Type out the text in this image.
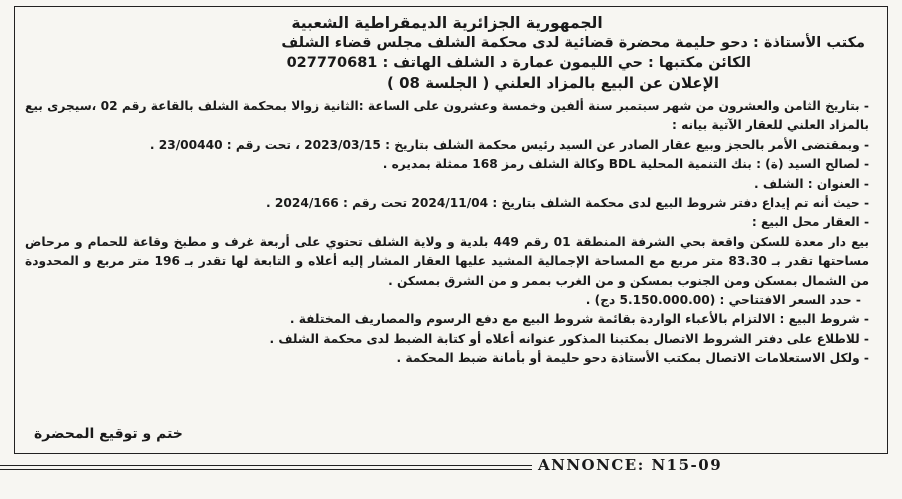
الجمهورية الجزائرية الديمقراطية الشعبية

مكتب الأستاذة : دحو حليمة محضرة قضائية لدى محكمة الشلف مجلس قضاء الشلف

الكائن مكتبها : حي الليمون عمارة د الشلف الهاتف : 027770681

الإعلان عن البيع بالمزاد العلني ( الجلسة 08 )

- بتاريخ الثامن والعشرون من شهر سبتمبر سنة ألفين وخمسة وعشرون على الساعة :الثانية زوالا بمحكمة الشلف بالقاعة رقم 02 ،سيجرى بيع بالمزاد العلني للعقار الآتية بيانه :

- وبمقتضى الأمر بالحجز وبيع عقار الصادر عن السيد رئيس محكمة الشلف بتاريخ : 2023/03/15 ، تحت رقم : 23/00440 .

- لصالح السيد (ة) : بنك التنمية المحلية BDL وكالة الشلف رمز 168 ممثلة بمديره .

- العنوان : الشلف .

- حيث أنه تم إيداع دفتر شروط البيع لدى محكمة الشلف بتاريخ : 2024/11/04 تحت رقم : 2024/166 .

- العقار محل البيع :

بيع دار معدة للسكن واقعة بحي الشرفة المنطقة 01 رقم 449 بلدية و ولاية الشلف تحتوي على أربعة غرف و مطبخ وقاعة للحمام و مرحاض مساحتها تقدر بـ 83.30 متر مربع مع المساحة الإجمالية المشيد عليها العقار المشار إليه أعلاه و التابعة لها تقدر بـ 196 متر مربع و المحدودة من الشمال بمسكن ومن الجنوب بمسكن و من الغرب بممر و من الشرق بمسكن .

- حدد السعر الافتتاحي : (5.150.000.00 دج) .

- شروط البيع : الالتزام بالأعباء الواردة بقائمة شروط البيع مع دفع الرسوم والمصاريف المختلفة .

- للاطلاع على دفتر الشروط الاتصال بمكتبنا المذكور عنوانه أعلاه أو كتابة الضبط لدى محكمة الشلف .

- ولكل الاستعلامات الاتصال بمكتب الأستاذة دحو حليمة أو بأمانة ضبط المحكمة .

ختم و توقيع المحضرة
ANNONCE: N15-09
